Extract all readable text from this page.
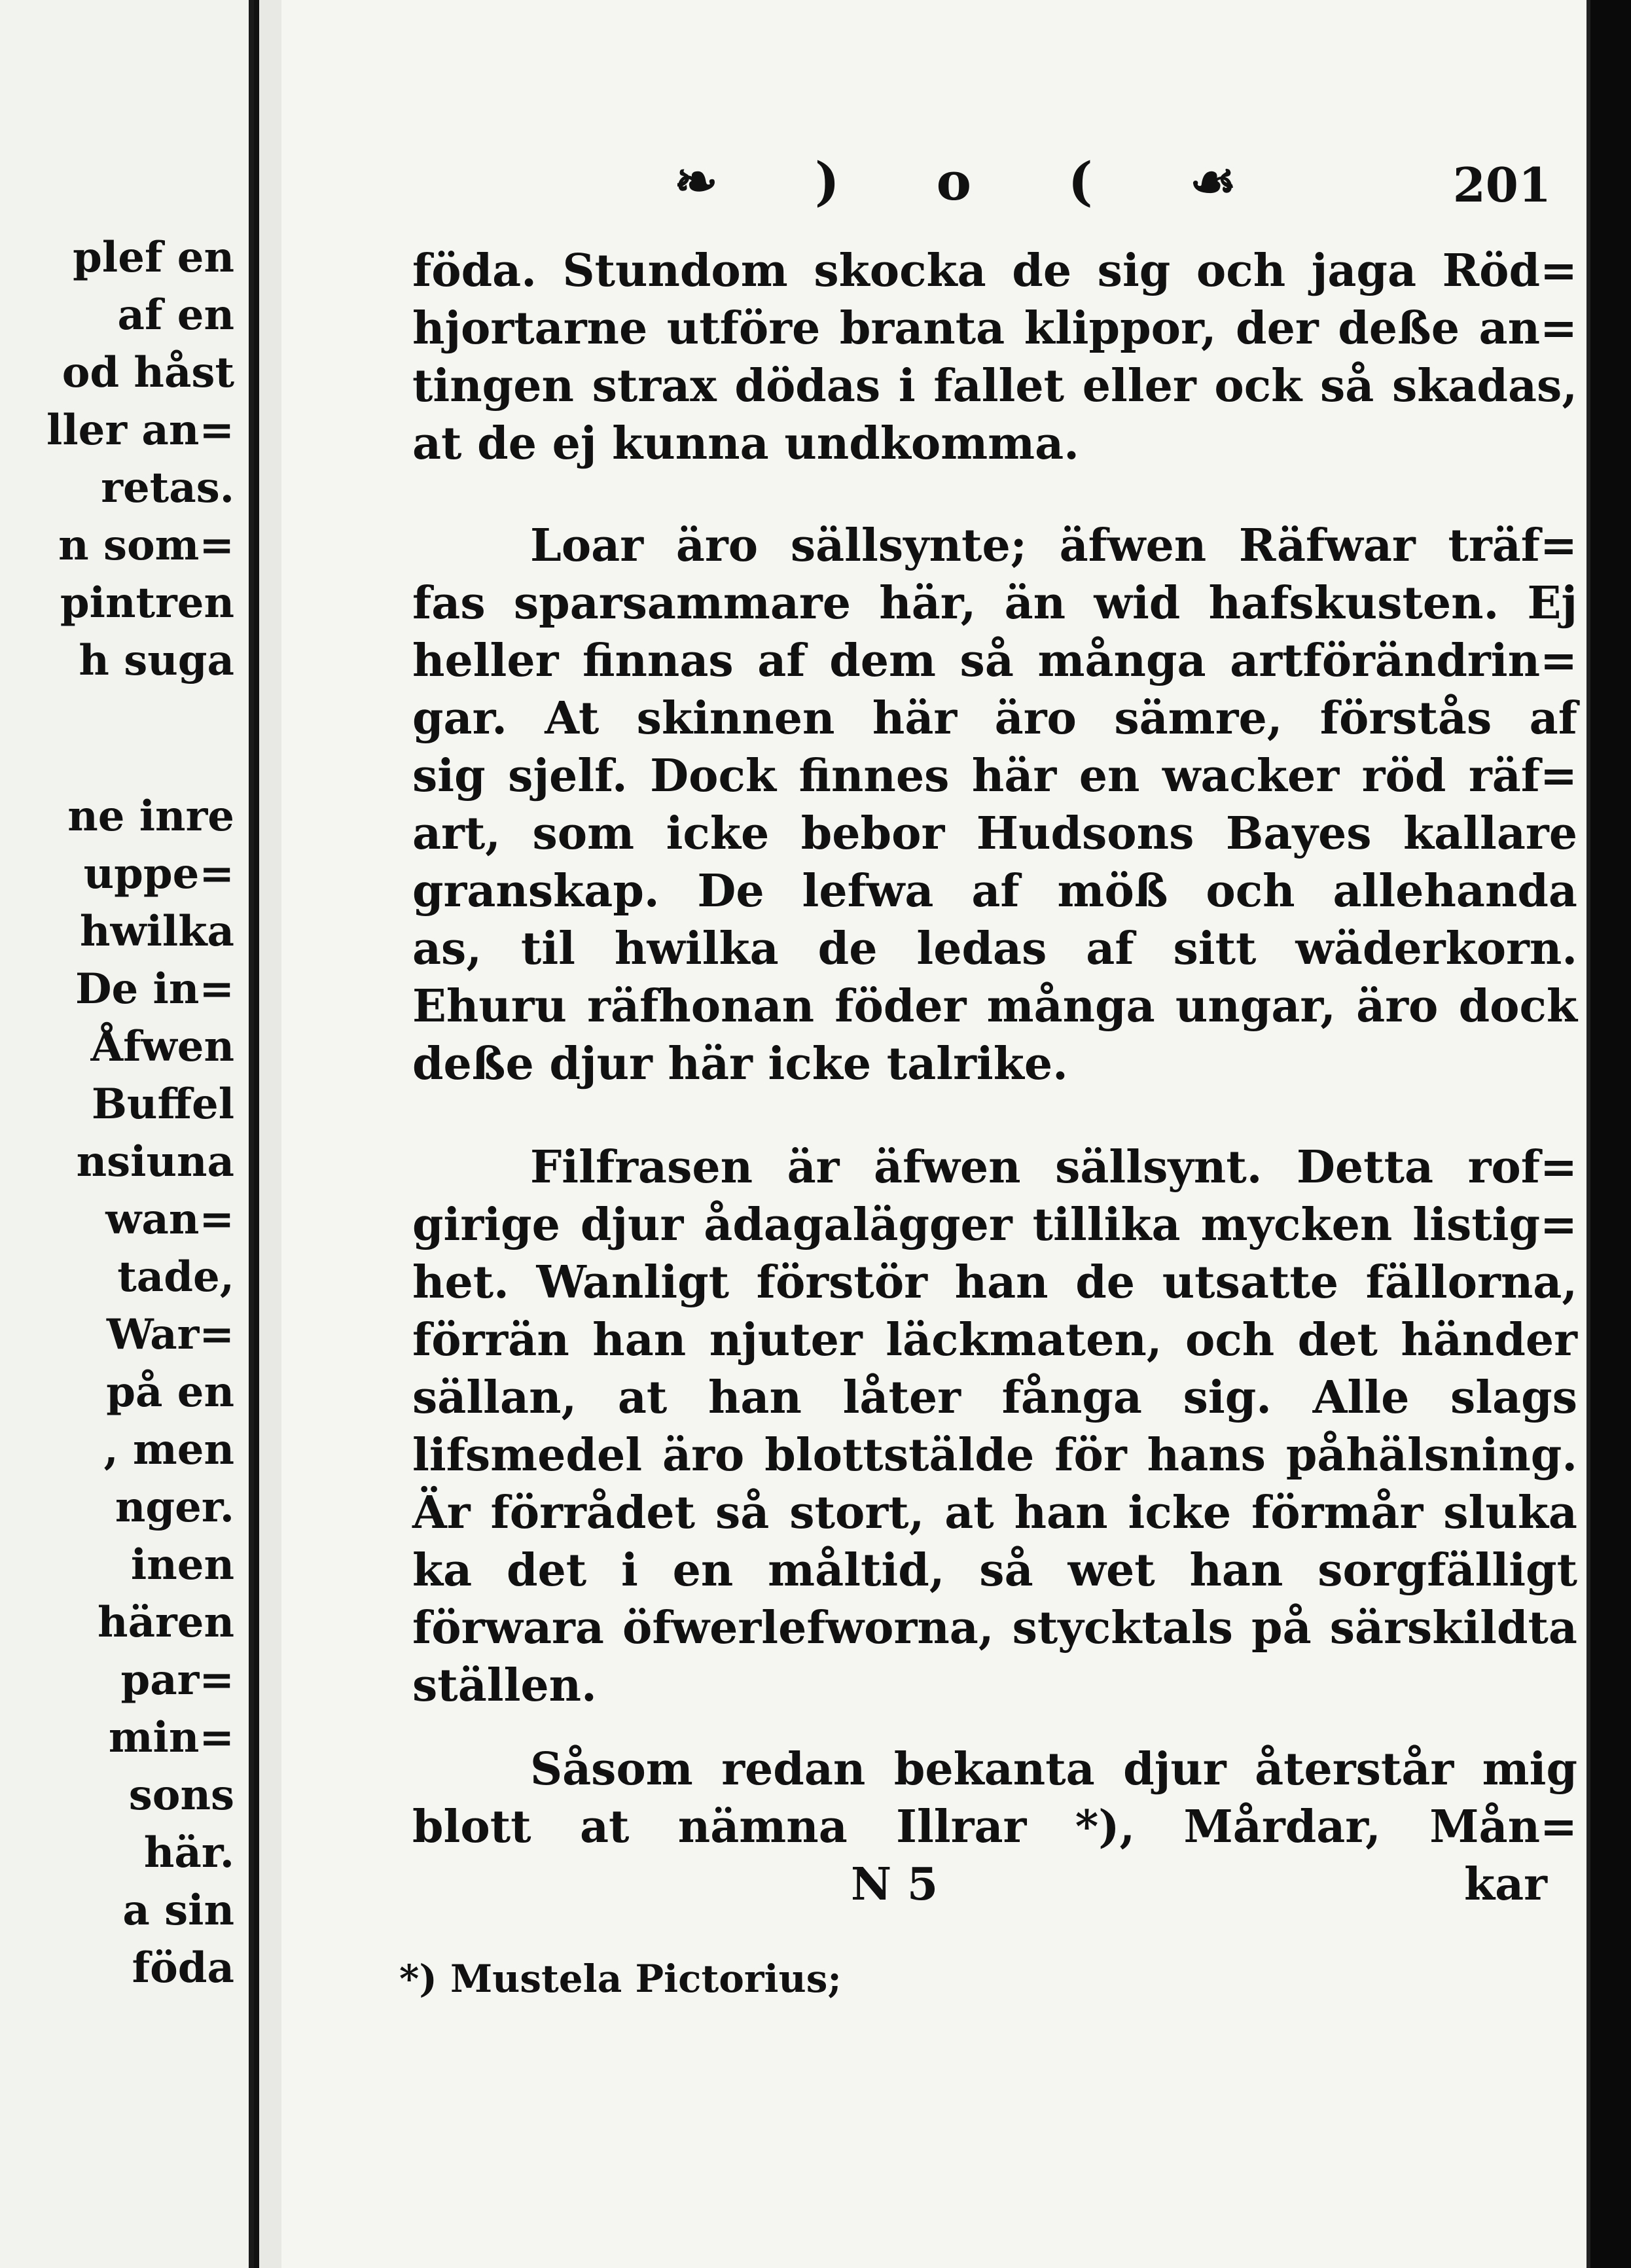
plef en
af en
od håst
ller an=
retas.
n som=
pintren
h suga
ne inre
uppe=
hwilka
De in=
Åfwen
Buffel
nsiuna
wan=
tade,
War=
på en
, men
nger.
inen
hären
par=
min=
sons
här.
a sin
föda
❧ ) o ( ☙	201
föda. Stundom skocka de sig och jaga Röd=
hjortarne utföre branta klippor, der deße an=
tingen strax dödas i fallet eller ock så skadas,
at de ej kunna undkomma.
Loar äro sällsynte; äfwen Räfwar träf=
fas sparsammare här, än wid hafskusten. Ej
heller finnas af dem så många artförändrin=
gar. At skinnen här äro sämre, förstås af
sig sjelf. Dock finnes här en wacker röd räf=
art, som icke bebor Hudsons Bayes kallare
granskap. De lefwa af möß och allehanda
as, til hwilka de ledas af sitt wäderkorn.
Ehuru räfhonan föder många ungar, äro dock
deße djur här icke talrike.
Filfrasen är äfwen sällsynt. Detta rof=
girige djur ådagalägger tillika mycken listig=
het. Wanligt förstör han de utsatte fällorna,
förrän han njuter läckmaten, och det händer
sällan, at han låter fånga sig. Alle slags
lifsmedel äro blottstälde för hans påhälsning.
Är förrådet så stort, at han icke förmår sluka
ka det i en måltid, så wet han sorgfälligt
förwara öfwerlefworna, stycktals på särskildta
ställen.
Såsom redan bekanta djur återstår mig
blott at nämna Illrar *), Mårdar, Mån=
N 5	kar
*) Mustela Pictorius;
